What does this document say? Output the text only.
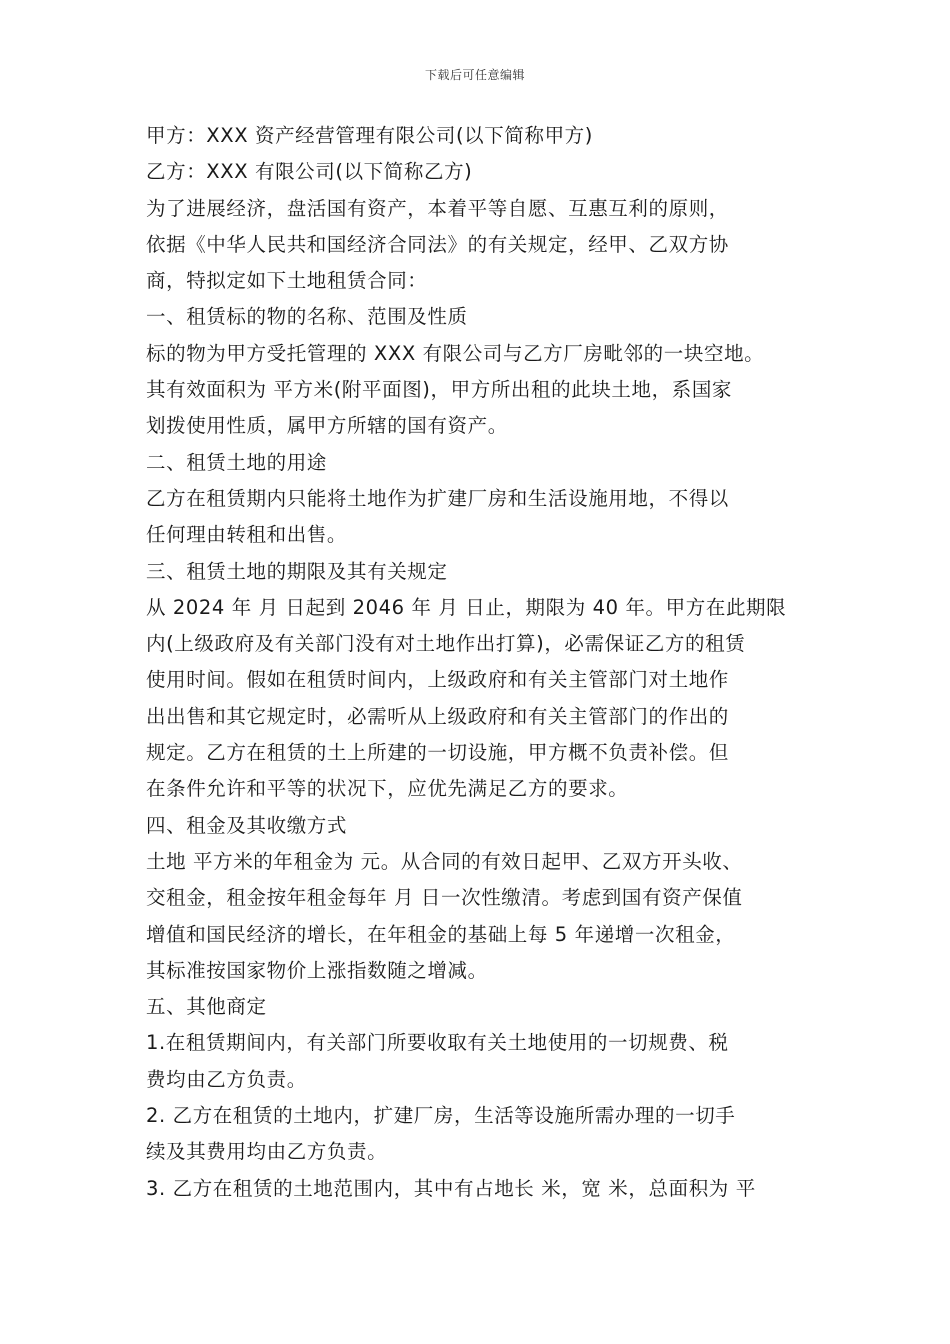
下载后可任意编辑
甲方：XXX 资产经营管理有限公司(以下简称甲方)
乙方：XXX 有限公司(以下简称乙方)
为了进展经济，盘活国有资产，本着平等自愿、互惠互利的原则，
依据《中华人民共和国经济合同法》的有关规定，经甲、乙双方协
商，特拟定如下土地租赁合同：
一、租赁标的物的名称、范围及性质
标的物为甲方受托管理的 XXX 有限公司与乙方厂房毗邻的一块空地。
其有效面积为 平方米(附平面图)，甲方所出租的此块土地，系国家
划拨使用性质，属甲方所辖的国有资产。
二、租赁土地的用途
乙方在租赁期内只能将土地作为扩建厂房和生活设施用地，不得以
任何理由转租和出售。
三、租赁土地的期限及其有关规定
从 2024 年 月 日起到 2046 年 月 日止，期限为 40 年。甲方在此期限
内(上级政府及有关部门没有对土地作出打算)，必需保证乙方的租赁
使用时间。假如在租赁时间内，上级政府和有关主管部门对土地作
出出售和其它规定时，必需听从上级政府和有关主管部门的作出的
规定。乙方在租赁的土上所建的一切设施，甲方概不负责补偿。但
在条件允许和平等的状况下，应优先满足乙方的要求。
四、租金及其收缴方式
土地 平方米的年租金为 元。从合同的有效日起甲、乙双方开头收、
交租金，租金按年租金每年 月 日一次性缴清。考虑到国有资产保值
增值和国民经济的增长，在年租金的基础上每 5 年递增一次租金，
其标准按国家物价上涨指数随之增减。
五、其他商定
1.在租赁期间内，有关部门所要收取有关土地使用的一切规费、税
费均由乙方负责。
2. 乙方在租赁的土地内，扩建厂房，生活等设施所需办理的一切手
续及其费用均由乙方负责。
3. 乙方在租赁的土地范围内，其中有占地长 米，宽 米，总面积为 平
